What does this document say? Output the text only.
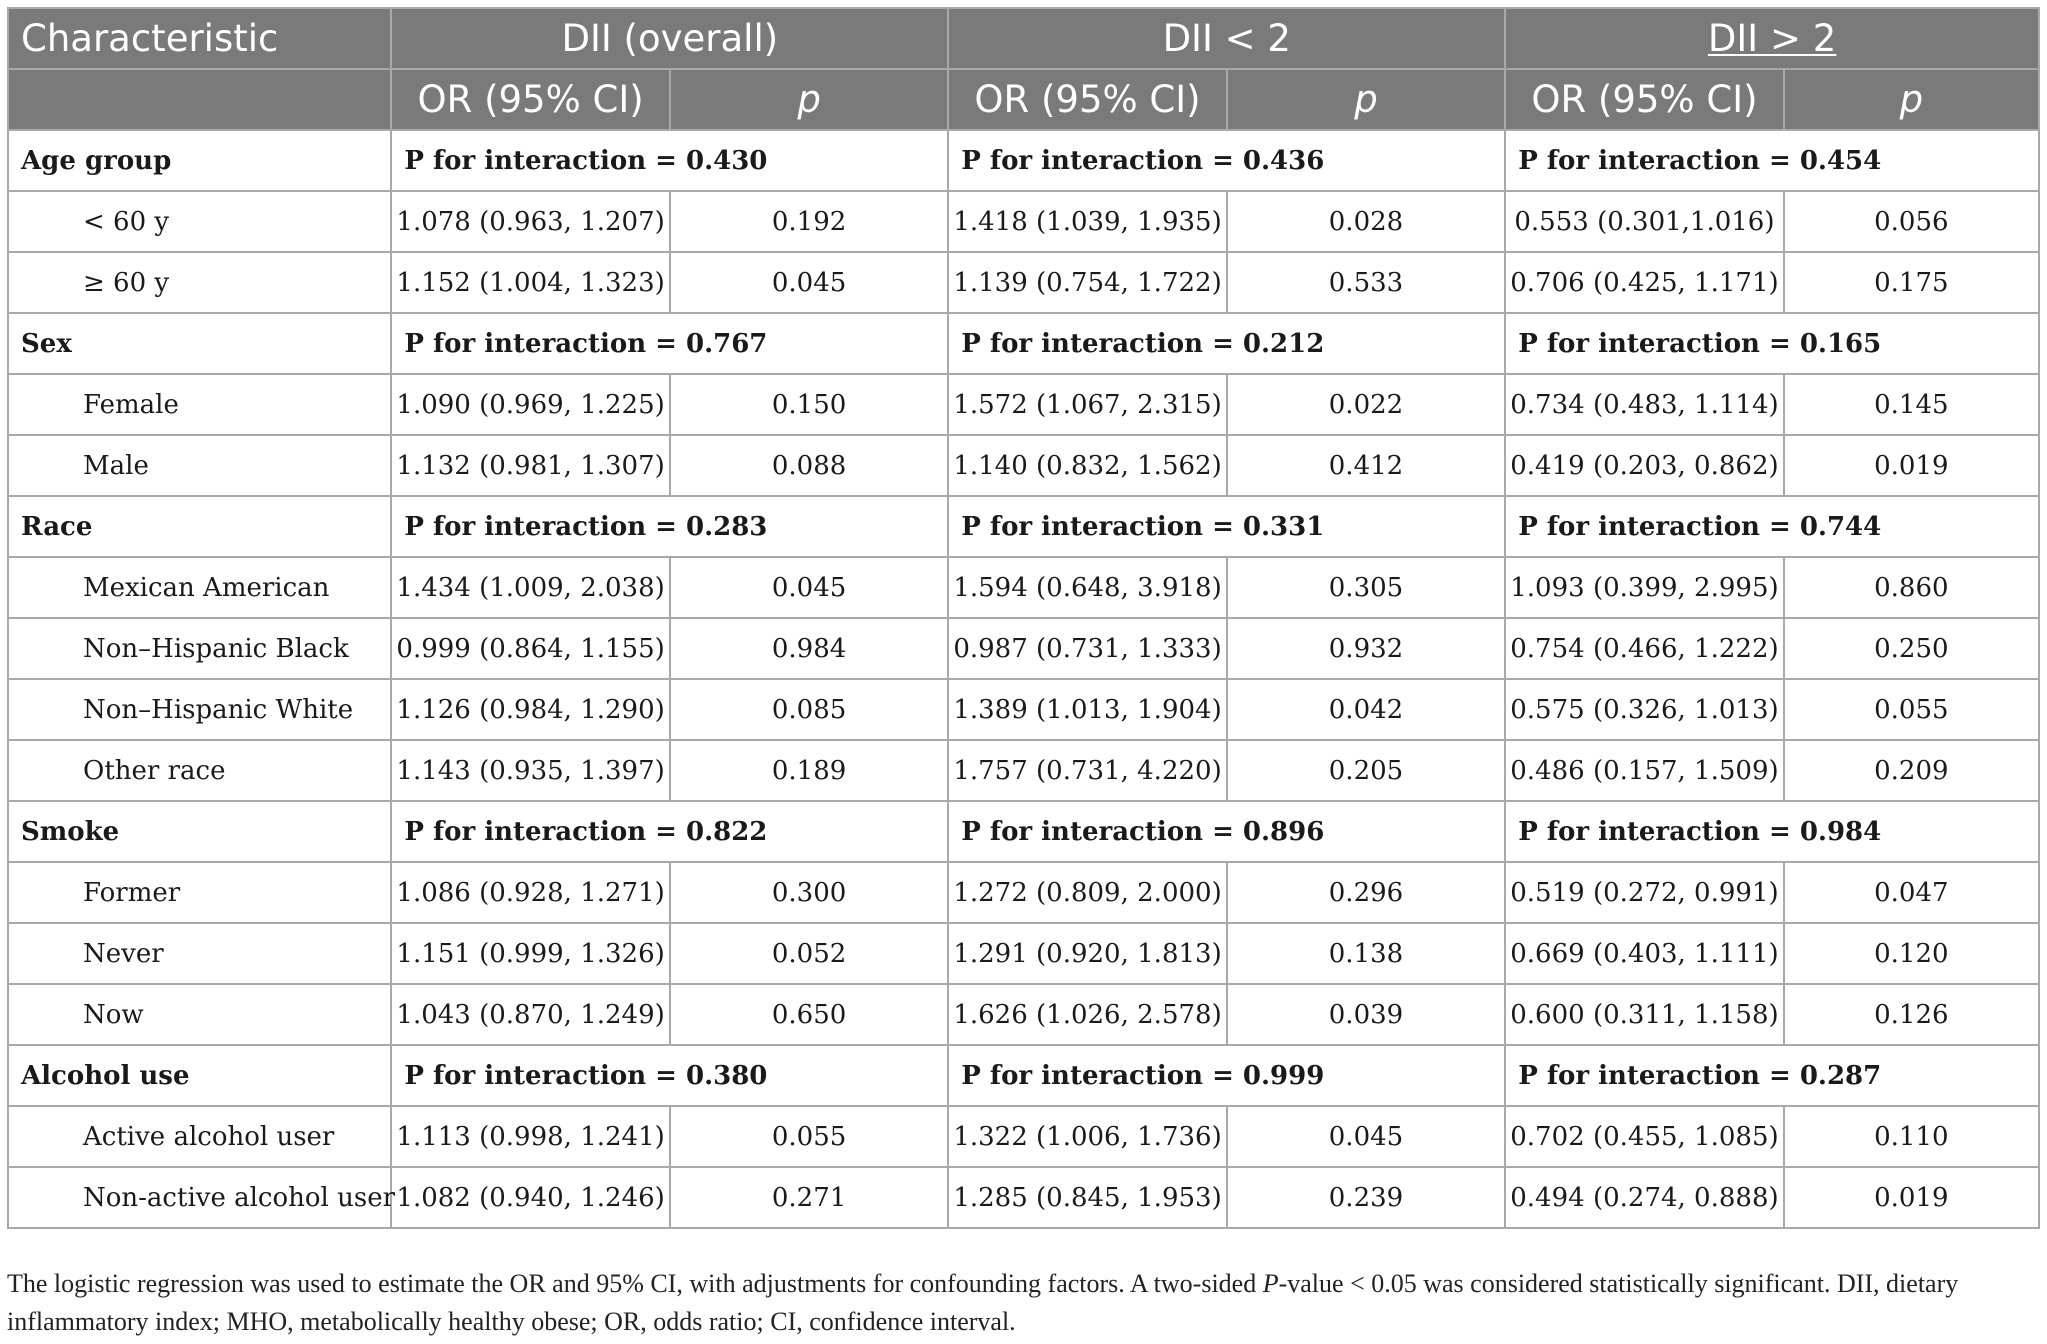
Characteristic	DII (overall)		DII < 2		DII > 2	
	OR (95% CI)	p	OR (95% CI)	p	OR (95% CI)	p
Age group	P for interaction = 0.430		P for interaction = 0.436		P for interaction = 0.454	
< 60 y	1.078 (0.963, 1.207)	0.192	1.418 (1.039, 1.935)	0.028	0.553 (0.301,1.016)	0.056
≥ 60 y	1.152 (1.004, 1.323)	0.045	1.139 (0.754, 1.722)	0.533	0.706 (0.425, 1.171)	0.175
Sex	P for interaction = 0.767		P for interaction = 0.212		P for interaction = 0.165	
Female	1.090 (0.969, 1.225)	0.150	1.572 (1.067, 2.315)	0.022	0.734 (0.483, 1.114)	0.145
Male	1.132 (0.981, 1.307)	0.088	1.140 (0.832, 1.562)	0.412	0.419 (0.203, 0.862)	0.019
Race	P for interaction = 0.283		P for interaction = 0.331		P for interaction = 0.744	
Mexican American	1.434 (1.009, 2.038)	0.045	1.594 (0.648, 3.918)	0.305	1.093 (0.399, 2.995)	0.860
Non–Hispanic Black	0.999 (0.864, 1.155)	0.984	0.987 (0.731, 1.333)	0.932	0.754 (0.466, 1.222)	0.250
Non–Hispanic White	1.126 (0.984, 1.290)	0.085	1.389 (1.013, 1.904)	0.042	0.575 (0.326, 1.013)	0.055
Other race	1.143 (0.935, 1.397)	0.189	1.757 (0.731, 4.220)	0.205	0.486 (0.157, 1.509)	0.209
Smoke	P for interaction = 0.822		P for interaction = 0.896		P for interaction = 0.984	
Former	1.086 (0.928, 1.271)	0.300	1.272 (0.809, 2.000)	0.296	0.519 (0.272, 0.991)	0.047
Never	1.151 (0.999, 1.326)	0.052	1.291 (0.920, 1.813)	0.138	0.669 (0.403, 1.111)	0.120
Now	1.043 (0.870, 1.249)	0.650	1.626 (1.026, 2.578)	0.039	0.600 (0.311, 1.158)	0.126
Alcohol use	P for interaction = 0.380		P for interaction = 0.999		P for interaction = 0.287	
Active alcohol user	1.113 (0.998, 1.241)	0.055	1.322 (1.006, 1.736)	0.045	0.702 (0.455, 1.085)	0.110
Non-active alcohol user	1.082 (0.940, 1.246)	0.271	1.285 (0.845, 1.953)	0.239	0.494 (0.274, 0.888)	0.019

The logistic regression was used to estimate the OR and 95% CI, with adjustments for confounding factors. A two-sided P-value < 0.05 was considered statistically significant. DII, dietary inflammatory index; MHO, metabolically healthy obese; OR, odds ratio; CI, confidence interval.
